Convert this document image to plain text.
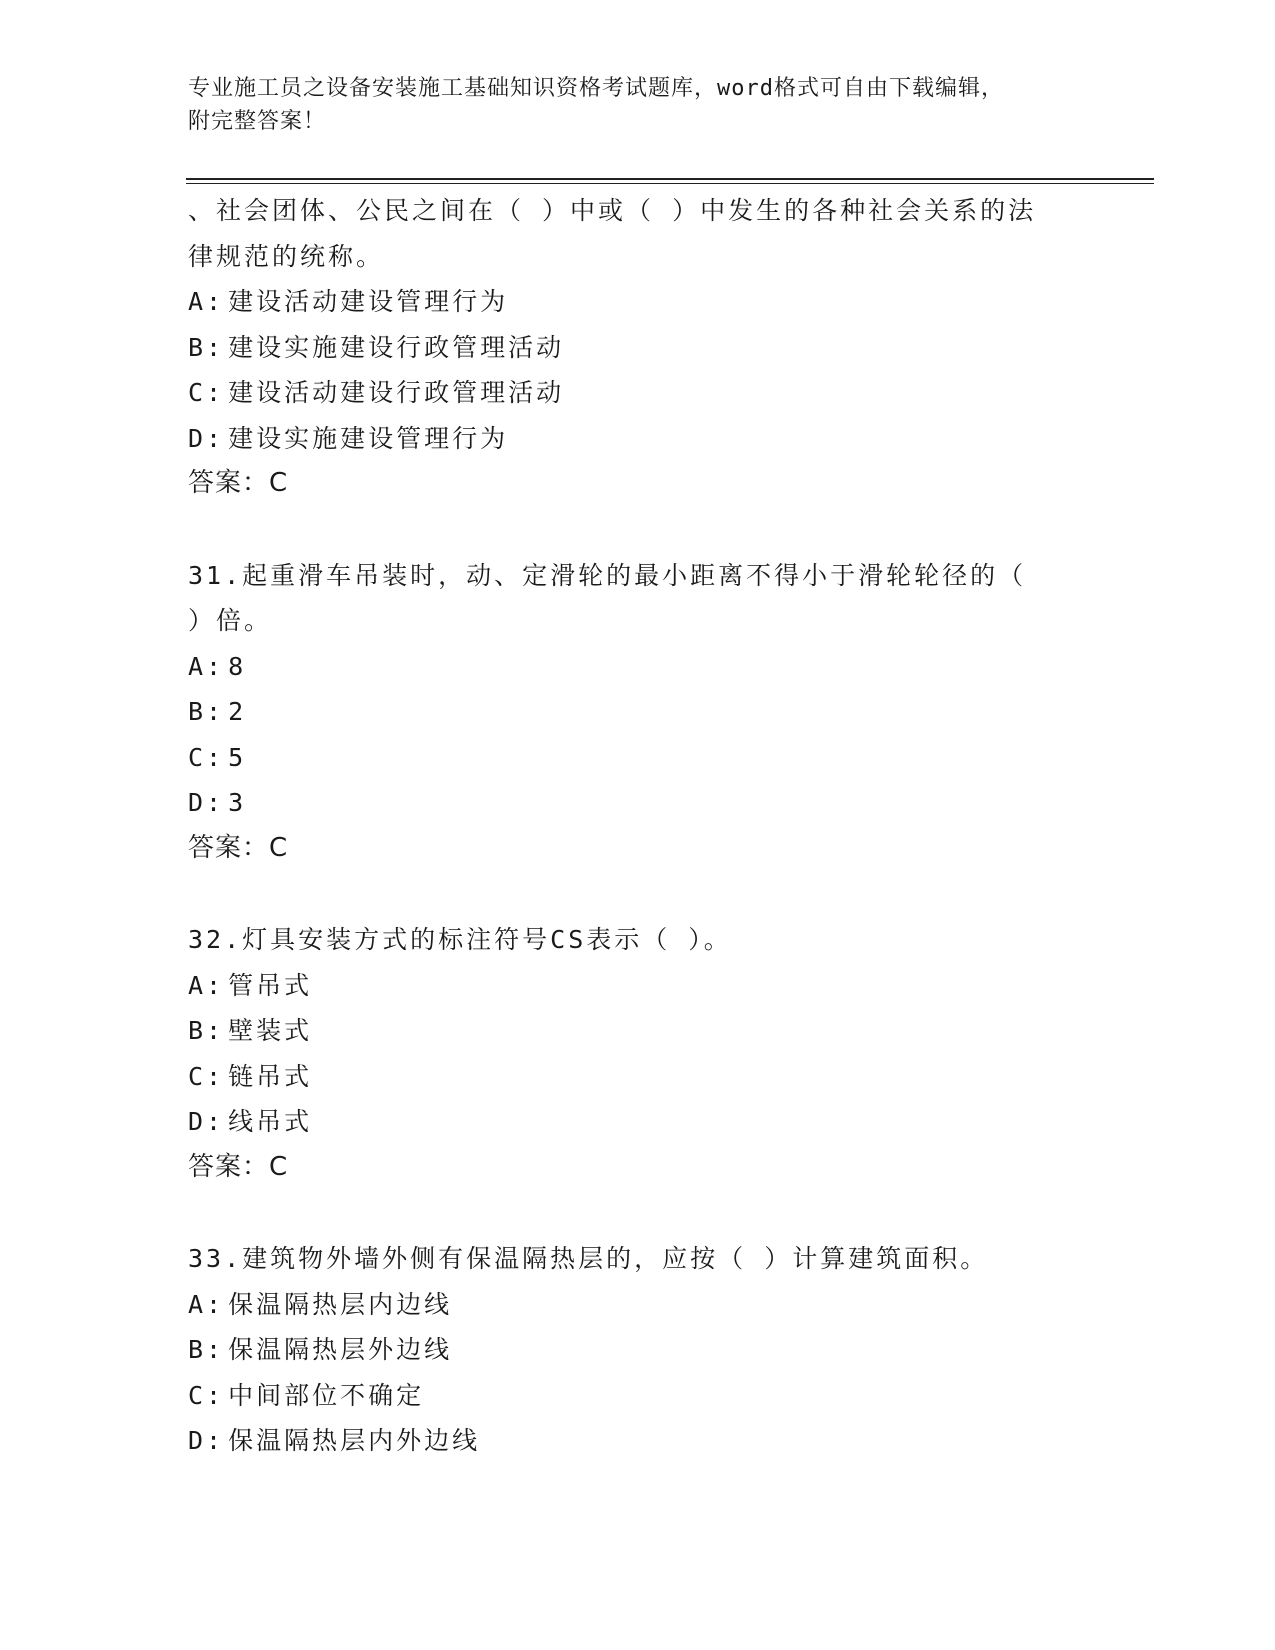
专业施工员之设备安装施工基础知识资格考试题库，word格式可自由下载编辑，
附完整答案！
、社会团体、公民之间在（ ）中或（ ）中发生的各种社会关系的法
律规范的统称。
A: 建设活动建设管理行为
B: 建设实施建设行政管理活动
C: 建设活动建设行政管理活动
D: 建设实施建设管理行为
答案：C
31.起重滑车吊装时，动、定滑轮的最小距离不得小于滑轮轮径的（
）倍。
A: 8
B: 2
C: 5
D: 3
答案：C
32.灯具安装方式的标注符号CS表示（ ）。
A: 管吊式
B: 壁装式
C: 链吊式
D: 线吊式
答案：C
33.建筑物外墙外侧有保温隔热层的，应按（ ）计算建筑面积。
A: 保温隔热层内边线
B: 保温隔热层外边线
C: 中间部位不确定
D: 保温隔热层内外边线
